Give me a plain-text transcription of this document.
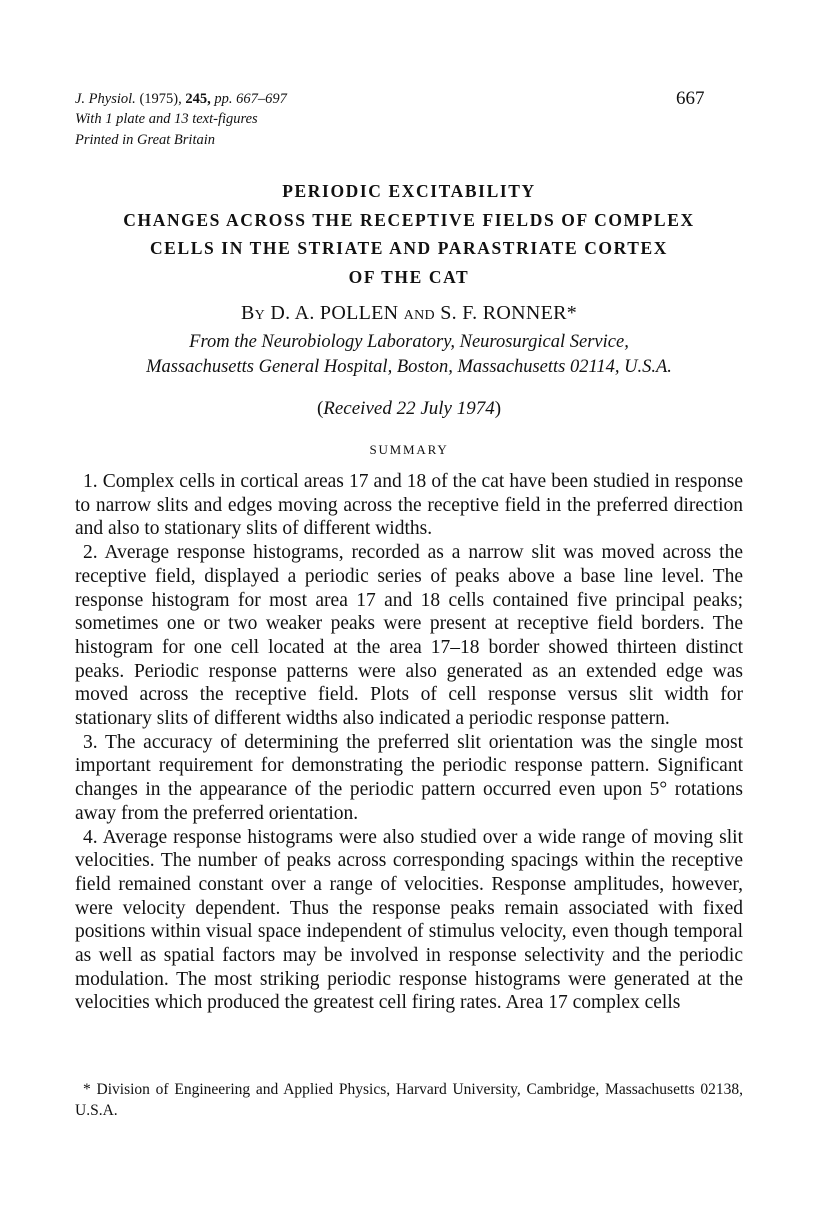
J. Physiol. (1975), 245, pp. 667–697
With 1 plate and 13 text-figures
Printed in Great Britain
667
PERIODIC EXCITABILITY
CHANGES ACROSS THE RECEPTIVE FIELDS OF COMPLEX
CELLS IN THE STRIATE AND PARASTRIATE CORTEX
OF THE CAT
By D. A. POLLEN and S. F. RONNER*
From the Neurobiology Laboratory, Neurosurgical Service,
Massachusetts General Hospital, Boston, Massachusetts 02114, U.S.A.
(Received 22 July 1974)
SUMMARY

1. Complex cells in cortical areas 17 and 18 of the cat have been studied in response to narrow slits and edges moving across the receptive field in the preferred direction and also to stationary slits of different widths.

2. Average response histograms, recorded as a narrow slit was moved across the receptive field, displayed a periodic series of peaks above a base line level. The response histogram for most area 17 and 18 cells contained five principal peaks; sometimes one or two weaker peaks were present at receptive field borders. The histogram for one cell located at the area 17–18 border showed thirteen distinct peaks. Periodic response patterns were also generated as an extended edge was moved across the receptive field. Plots of cell response versus slit width for stationary slits of different widths also indicated a periodic response pattern.

3. The accuracy of determining the preferred slit orientation was the single most important requirement for demonstrating the periodic response pattern. Significant changes in the appearance of the periodic pattern occurred even upon 5° rotations away from the preferred orientation.

4. Average response histograms were also studied over a wide range of moving slit velocities. The number of peaks across corresponding spacings within the receptive field remained constant over a range of velocities. Response amplitudes, however, were velocity dependent. Thus the response peaks remain associated with fixed positions within visual space independent of stimulus velocity, even though temporal as well as spatial factors may be involved in response selectivity and the periodic modulation. The most striking periodic response histograms were generated at the velocities which produced the greatest cell firing rates. Area 17 complex cells

* Division of Engineering and Applied Physics, Harvard University, Cambridge, Massachusetts 02138, U.S.A.
